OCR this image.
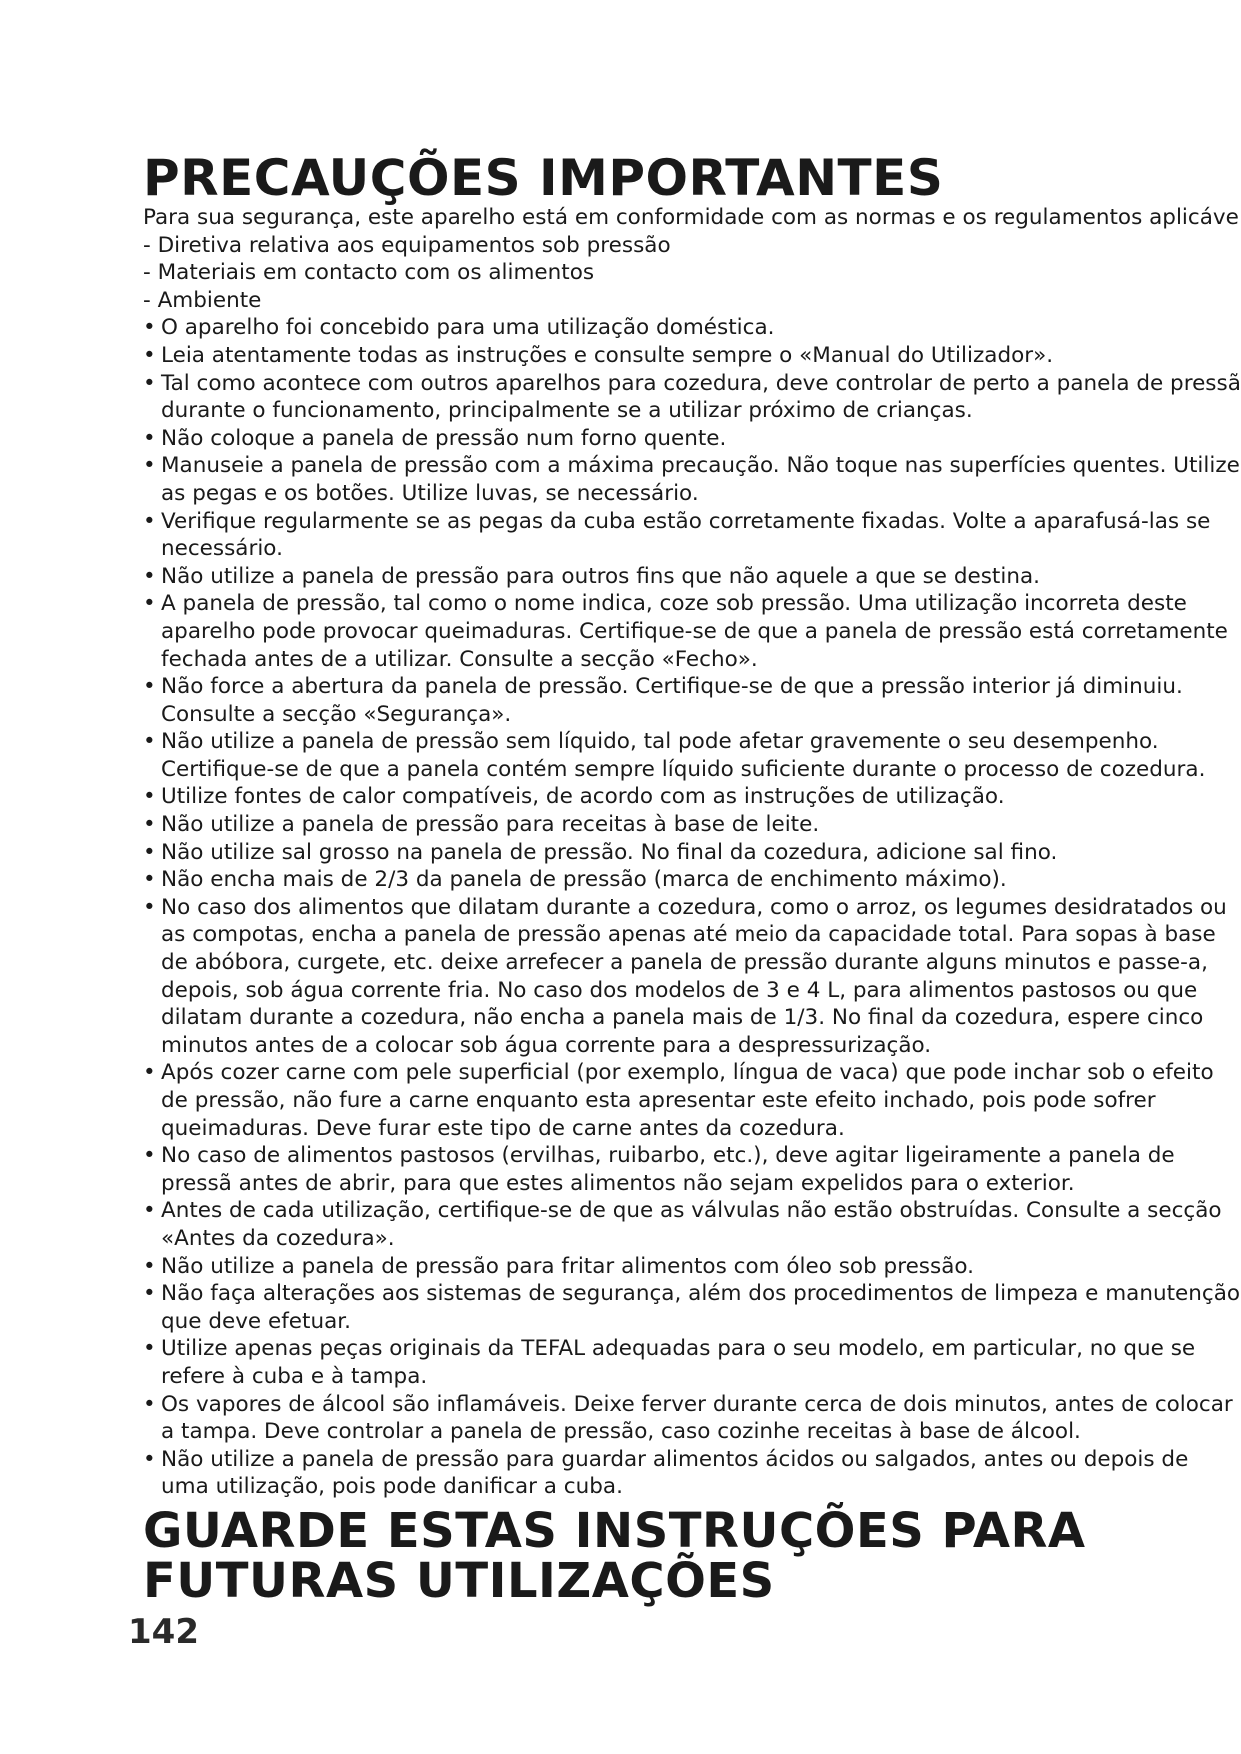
PRECAUÇÕES IMPORTANTES

Para sua segurança, este aparelho está em conformidade com as normas e os regulamentos aplicáve

- Diretiva relativa aos equipamentos sob pressão

- Materiais em contacto com os alimentos

- Ambiente

• O aparelho foi concebido para uma utilização doméstica.
• Leia atentamente todas as instruções e consulte sempre o «Manual do Utilizador».
• Tal como acontece com outros aparelhos para cozedura, deve controlar de perto a panela de pressã durante o funcionamento, principalmente se a utilizar próximo de crianças.
• Não coloque a panela de pressão num forno quente.
• Manuseie a panela de pressão com a máxima precaução. Não toque nas superfícies quentes. Utilize as pegas e os botões. Utilize luvas, se necessário.
• Verifique regularmente se as pegas da cuba estão corretamente fixadas. Volte a aparafusá-las se necessário.
• Não utilize a panela de pressão para outros fins que não aquele a que se destina.
• A panela de pressão, tal como o nome indica, coze sob pressão. Uma utilização incorreta deste aparelho pode provocar queimaduras. Certifique-se de que a panela de pressão está corretamente fechada antes de a utilizar. Consulte a secção «Fecho».
• Não force a abertura da panela de pressão. Certifique-se de que a pressão interior já diminuiu. Consulte a secção «Segurança».
• Não utilize a panela de pressão sem líquido, tal pode afetar gravemente o seu desempenho. Certifique-se de que a panela contém sempre líquido suficiente durante o processo de cozedura.
• Utilize fontes de calor compatíveis, de acordo com as instruções de utilização.
• Não utilize a panela de pressão para receitas à base de leite.
• Não utilize sal grosso na panela de pressão. No final da cozedura, adicione sal fino.
• Não encha mais de 2/3 da panela de pressão (marca de enchimento máximo).
• No caso dos alimentos que dilatam durante a cozedura, como o arroz, os legumes desidratados ou as compotas, encha a panela de pressão apenas até meio da capacidade total. Para sopas à base de abóbora, curgete, etc. deixe arrefecer a panela de pressão durante alguns minutos e passe-a, depois, sob água corrente fria. No caso dos modelos de 3 e 4 L, para alimentos pastosos ou que dilatam durante a cozedura, não encha a panela mais de 1/3. No final da cozedura, espere cinco minutos antes de a colocar sob água corrente para a despressurização.
• Após cozer carne com pele superficial (por exemplo, língua de vaca) que pode inchar sob o efeito de pressão, não fure a carne enquanto esta apresentar este efeito inchado, pois pode sofrer queimaduras. Deve furar este tipo de carne antes da cozedura.
• No caso de alimentos pastosos (ervilhas, ruibarbo, etc.), deve agitar ligeiramente a panela de pressã antes de abrir, para que estes alimentos não sejam expelidos para o exterior.
• Antes de cada utilização, certifique-se de que as válvulas não estão obstruídas. Consulte a secção «Antes da cozedura».
• Não utilize a panela de pressão para fritar alimentos com óleo sob pressão.
• Não faça alterações aos sistemas de segurança, além dos procedimentos de limpeza e manutenção que deve efetuar.
• Utilize apenas peças originais da TEFAL adequadas para o seu modelo, em particular, no que se refere à cuba e à tampa.
• Os vapores de álcool são inflamáveis. Deixe ferver durante cerca de dois minutos, antes de colocar a tampa. Deve controlar a panela de pressão, caso cozinhe receitas à base de álcool.
• Não utilize a panela de pressão para guardar alimentos ácidos ou salgados, antes ou depois de uma utilização, pois pode danificar a cuba.
GUARDE ESTAS INSTRUÇÕES PARA
FUTURAS UTILIZAÇÕES
142
